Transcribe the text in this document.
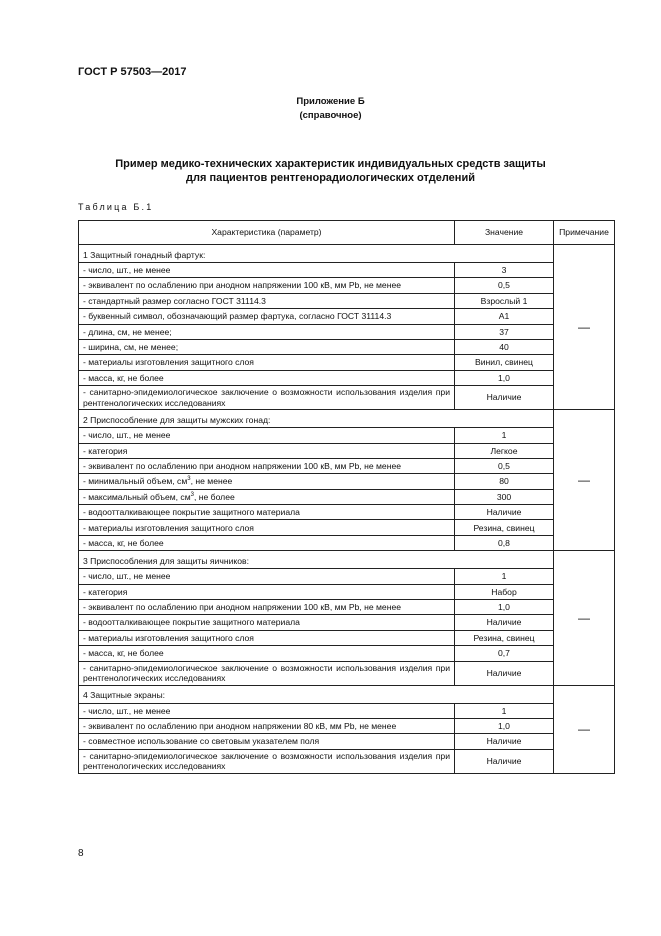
ГОСТ Р 57503—2017
Приложение Б
(справочное)
Пример медико-технических характеристик индивидуальных средств защиты
для пациентов рентгенорадиологических отделений
Таблица Б.1
Характеристика (параметр)	Значение	Примечание
1 Защитный гонадный фартук:		—
- число, шт., не менее	3	
- эквивалент по ослаблению при анодном напряжении 100 кВ, мм Pb, не менее	0,5	
- стандартный размер согласно ГОСТ 31114.3	Взрослый 1	
- буквенный символ, обозначающий размер фартука, согласно ГОСТ 31114.3	А1	
- длина, см, не менее;	37	
- ширина, см, не менее;	40	
- материалы изготовления защитного слоя	Винил, свинец	
- масса, кг, не более	1,0	
- санитарно-эпидемиологическое заключение о возможности использования изделия при рентгенологических исследованиях	Наличие	
2 Приспособление для защиты мужских гонад:		—
- число, шт., не менее	1	
- категория	Легкое	
- эквивалент по ослаблению при анодном напряжении 100 кВ, мм Pb, не менее	0,5	
- минимальный объем, $см^3$, не менее	80	
- максимальный объем, $см^3$, не более	300	
- водоотталкивающее покрытие защитного материала	Наличие	
- материалы изготовления защитного слоя	Резина, свинец	
- масса, кг, не более	0,8	
3 Приспособления для защиты яичников:		—
- число, шт., не менее	1	
- категория	Набор	
- эквивалент по ослаблению при анодном напряжении 100 кВ, мм Pb, не менее	1,0	
- водоотталкивающее покрытие защитного материала	Наличие	
- материалы изготовления защитного слоя	Резина, свинец	
- масса, кг, не более	0,7	
- санитарно-эпидемиологическое заключение о возможности использования изделия при рентгенологических исследованиях	Наличие	
4 Защитные экраны:		—
- число, шт., не менее	1	
- эквивалент по ослаблению при анодном напряжении 80 кВ, мм Pb, не менее	1,0	
- совместное использование со световым указателем поля	Наличие	
- санитарно-эпидемиологическое заключение о возможности использования изделия при рентгенологических исследованиях	Наличие	
8
